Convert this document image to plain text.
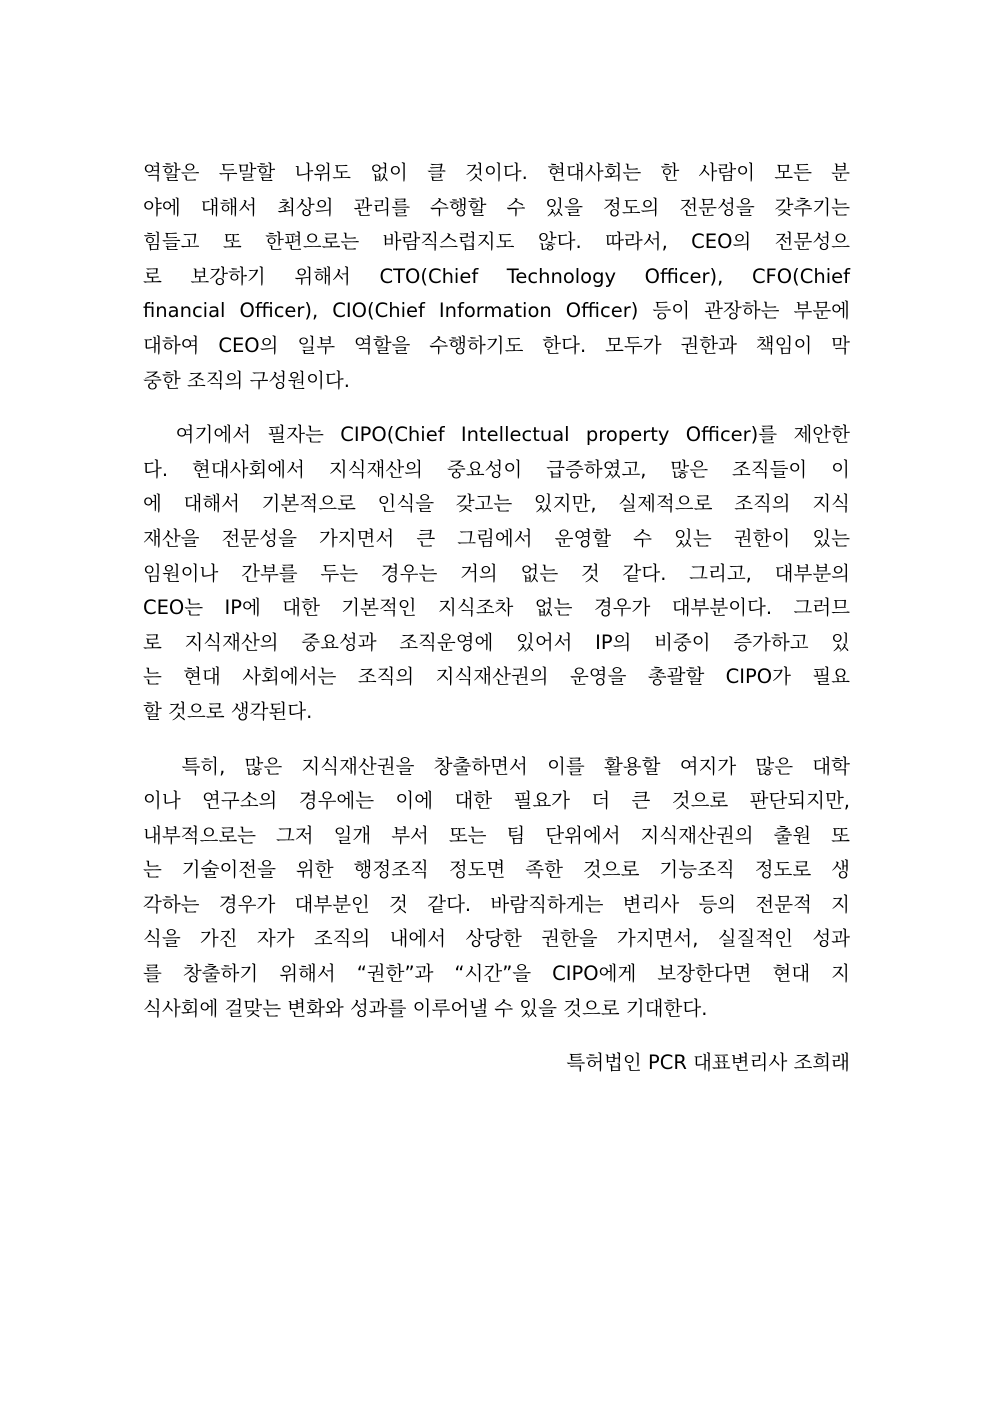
역할은 두말할 나위도 없이 클 것이다. 현대사회는 한 사람이 모든 분
야에 대해서 최상의 관리를 수행할 수 있을 정도의 전문성을 갖추기는
힘들고 또 한편으로는 바람직스럽지도 않다. 따라서, CEO의 전문성으
로 보강하기 위해서 CTO(Chief Technology Officer), CFO(Chief
financial Officer), CIO(Chief Information Officer) 등이 관장하는 부문에
대하여 CEO의 일부 역할을 수행하기도 한다. 모두가 권한과 책임이 막
중한 조직의 구성원이다.
여기에서 필자는 CIPO(Chief Intellectual property Officer)를 제안한
다. 현대사회에서 지식재산의 중요성이 급증하였고, 많은 조직들이 이
에 대해서 기본적으로 인식을 갖고는 있지만, 실제적으로 조직의 지식
재산을 전문성을 가지면서 큰 그림에서 운영할 수 있는 권한이 있는
임원이나 간부를 두는 경우는 거의 없는 것 같다. 그리고, 대부분의
CEO는 IP에 대한 기본적인 지식조차 없는 경우가 대부분이다. 그러므
로 지식재산의 중요성과 조직운영에 있어서 IP의 비중이 증가하고 있
는 현대 사회에서는 조직의 지식재산권의 운영을 총괄할 CIPO가 필요
할 것으로 생각된다.
특히, 많은 지식재산권을 창출하면서 이를 활용할 여지가 많은 대학
이나 연구소의 경우에는 이에 대한 필요가 더 큰 것으로 판단되지만,
내부적으로는 그저 일개 부서 또는 팀 단위에서 지식재산권의 출원 또
는 기술이전을 위한 행정조직 정도면 족한 것으로 기능조직 정도로 생
각하는 경우가 대부분인 것 같다. 바람직하게는 변리사 등의 전문적 지
식을 가진 자가 조직의 내에서 상당한 권한을 가지면서, 실질적인 성과
를 창출하기 위해서 “권한”과 “시간”을 CIPO에게 보장한다면 현대 지
식사회에 걸맞는 변화와 성과를 이루어낼 수 있을 것으로 기대한다.
특허법인 PCR 대표변리사 조희래
